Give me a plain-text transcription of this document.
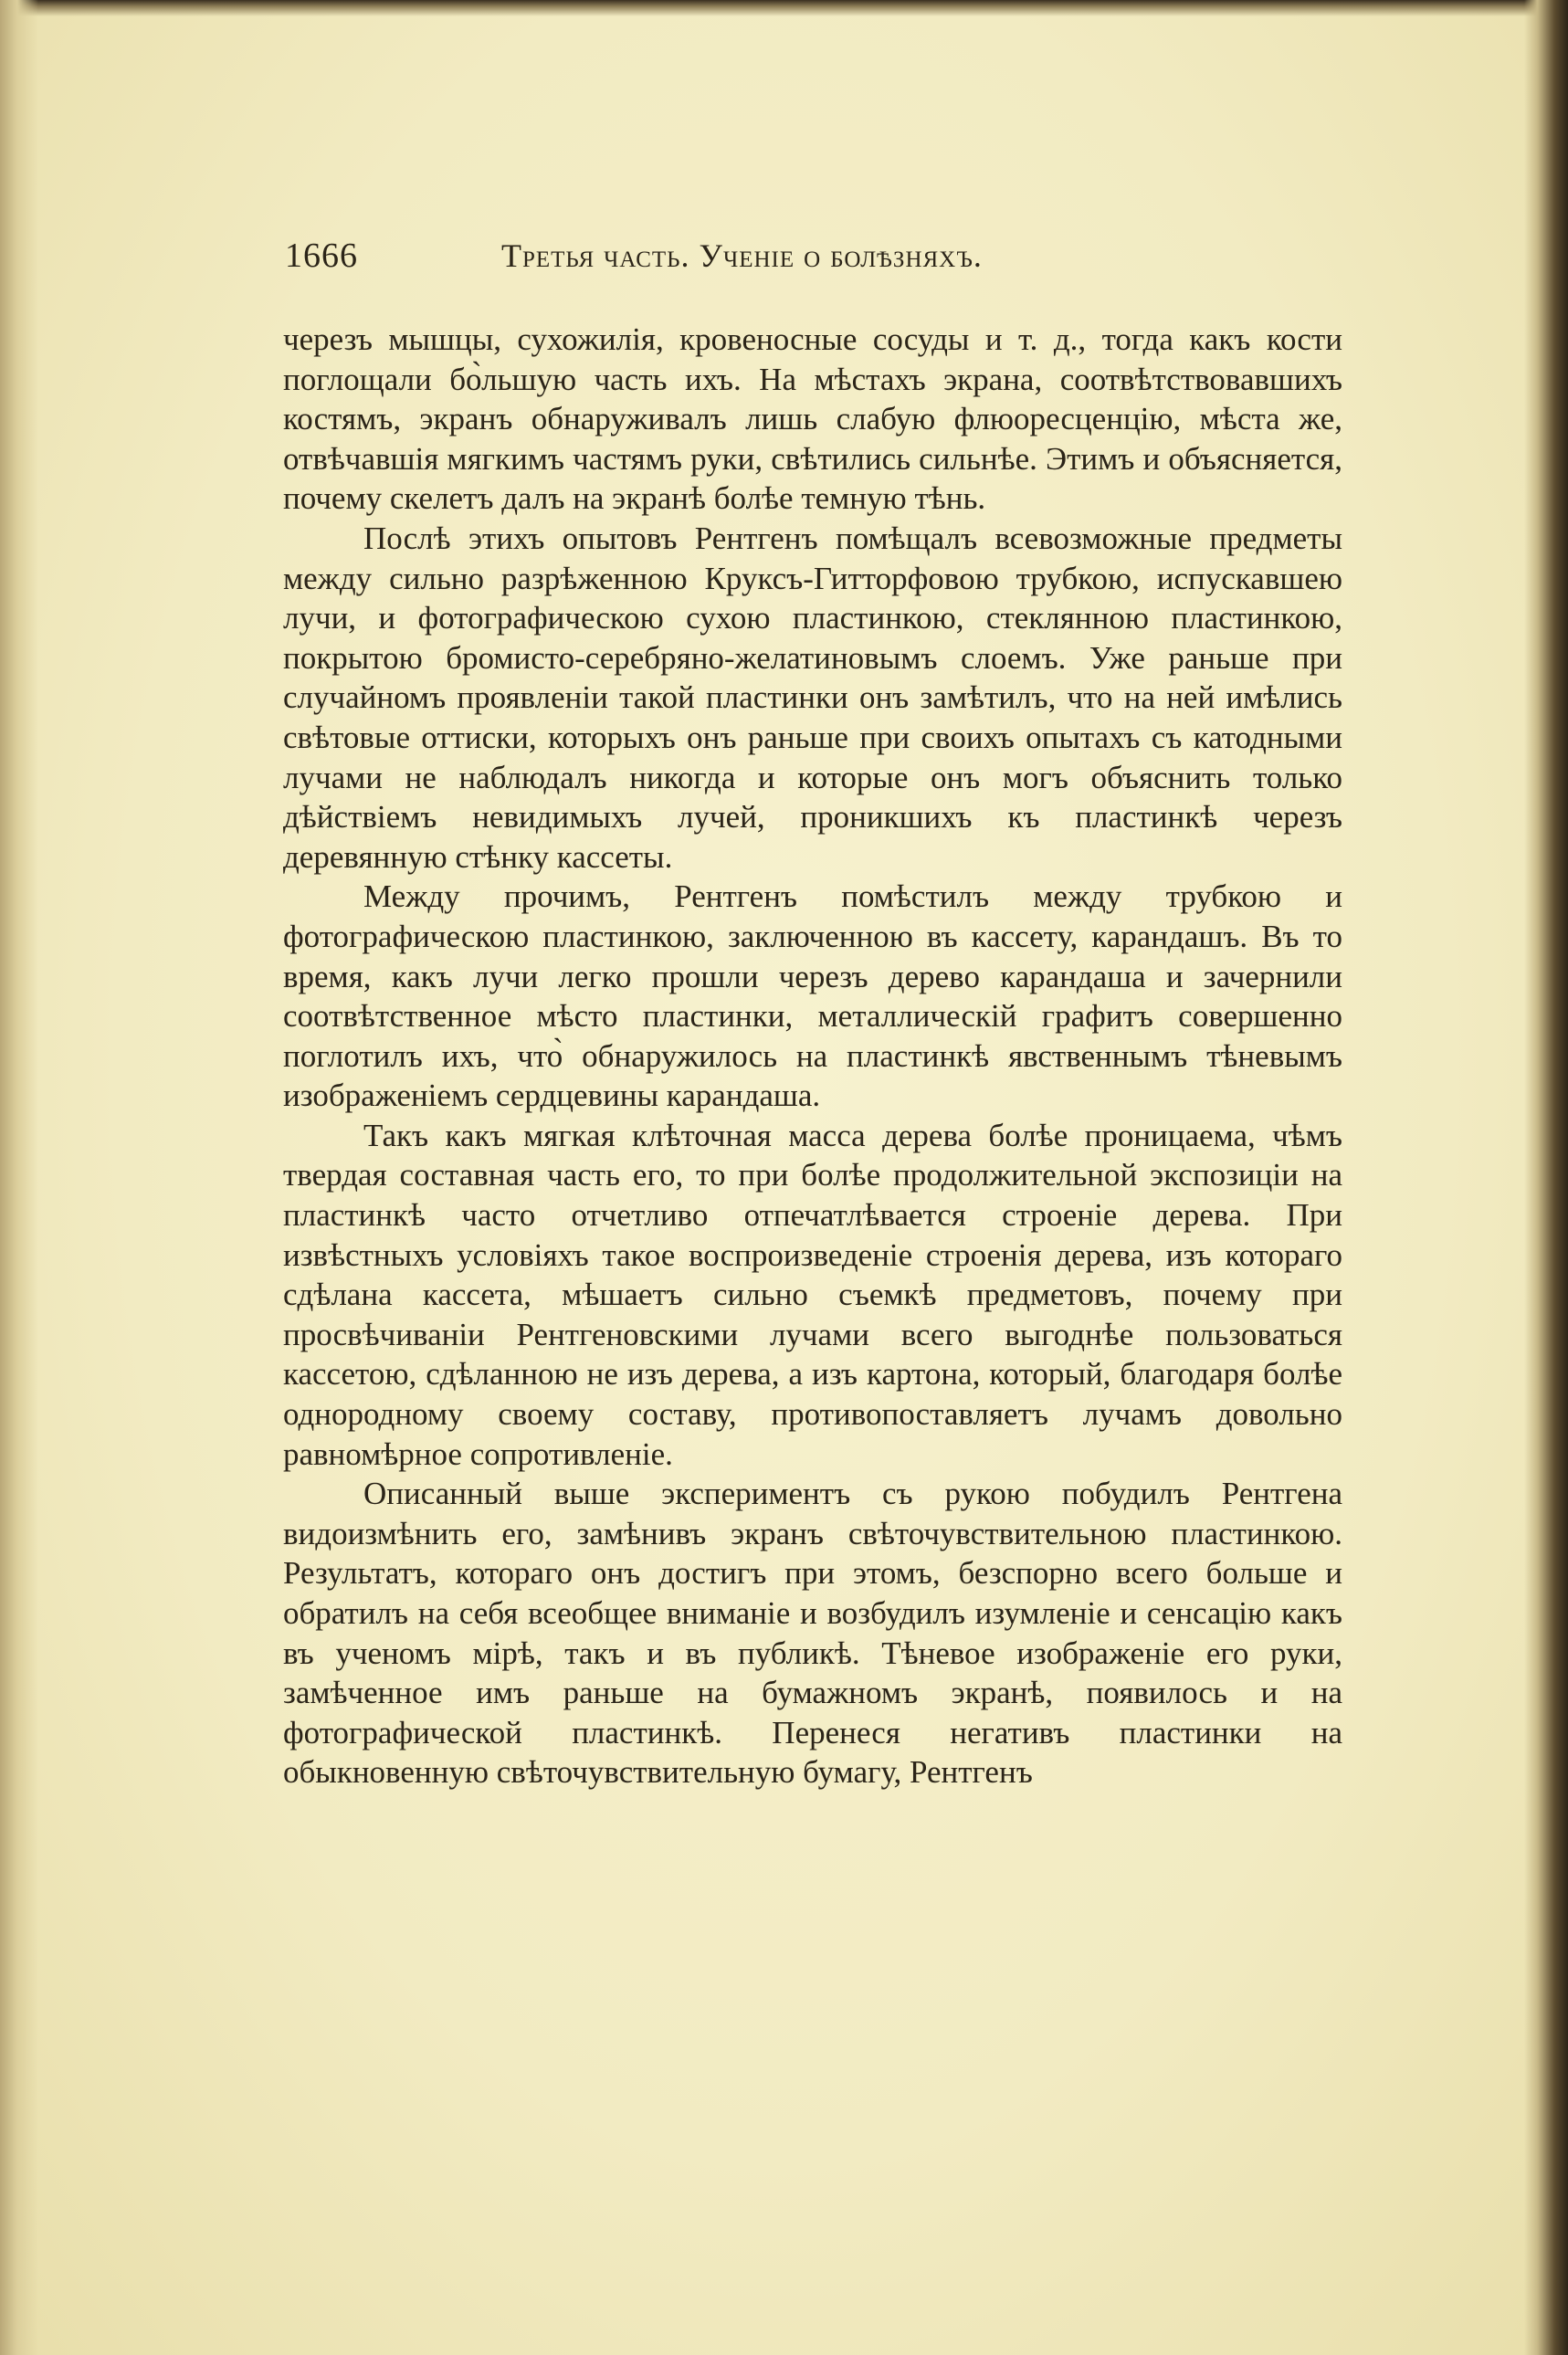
1666	Третья часть. Ученіе о болѣзняхъ.

черезъ мышцы, сухожилія, кровеносные сосуды и т. д., тогда какъ кости поглощали бо̀льшую часть ихъ. На мѣстахъ экрана, соотвѣтствовавшихъ костямъ, экранъ обнаруживалъ лишь слабую флюоресценцію, мѣста же, отвѣчавшія мягкимъ частямъ руки, свѣтились сильнѣе. Этимъ и объясняется, почему скелетъ далъ на экранѣ болѣе темную тѣнь.

Послѣ этихъ опытовъ Рентгенъ помѣщалъ всевозможные предметы между сильно разрѣженною Круксъ-Гитторфовою трубкою, испускавшею лучи, и фотографическою сухою пластинкою, стеклянною пластинкою, покрытою бромисто-серебряно-желатиновымъ слоемъ. Уже раньше при случайномъ проявленіи такой пластинки онъ замѣтилъ, что на ней имѣлись свѣтовые оттиски, которыхъ онъ раньше при своихъ опытахъ съ катодными лучами не наблюдалъ никогда и которые онъ могъ объяснить только дѣйствіемъ невидимыхъ лучей, проникшихъ къ пластинкѣ черезъ деревянную стѣнку кассеты.

Между прочимъ, Рентгенъ помѣстилъ между трубкою и фотографическою пластинкою, заключенною въ кассету, карандашъ. Въ то время, какъ лучи легко прошли черезъ дерево карандаша и зачернили соотвѣтственное мѣсто пластинки, металлическій графитъ совершенно поглотилъ ихъ, что̀ обнаружилось на пластинкѣ явственнымъ тѣневымъ изображеніемъ сердцевины карандаша.

Такъ какъ мягкая клѣточная масса дерева болѣе проницаема, чѣмъ твердая составная часть его, то при болѣе продолжительной экспозиціи на пластинкѣ часто отчетливо отпечатлѣвается строеніе дерева. При извѣстныхъ условіяхъ такое воспроизведеніе строенія дерева, изъ котораго сдѣлана кассета, мѣшаетъ сильно съемкѣ предметовъ, почему при просвѣчиваніи Рентгеновскими лучами всего выгоднѣе пользоваться кассетою, сдѣланною не изъ дерева, а изъ картона, который, благодаря болѣе однородному своему составу, противопоставляетъ лучамъ довольно равномѣрное сопротивленіе.

Описанный выше экспериментъ съ рукою побудилъ Рентгена видоизмѣнить его, замѣнивъ экранъ свѣточувствительною пластинкою. Результатъ, котораго онъ достигъ при этомъ, безспорно всего больше и обратилъ на себя всеобщее вниманіе и возбудилъ изумленіе и сенсацію какъ въ ученомъ мірѣ, такъ и въ публикѣ. Тѣневое изображеніе его руки, замѣченное имъ раньше на бумажномъ экранѣ, появилось и на фотографической пластинкѣ. Перенеся негативъ пластинки на обыкновенную свѣточувствительную бумагу, Рентгенъ
